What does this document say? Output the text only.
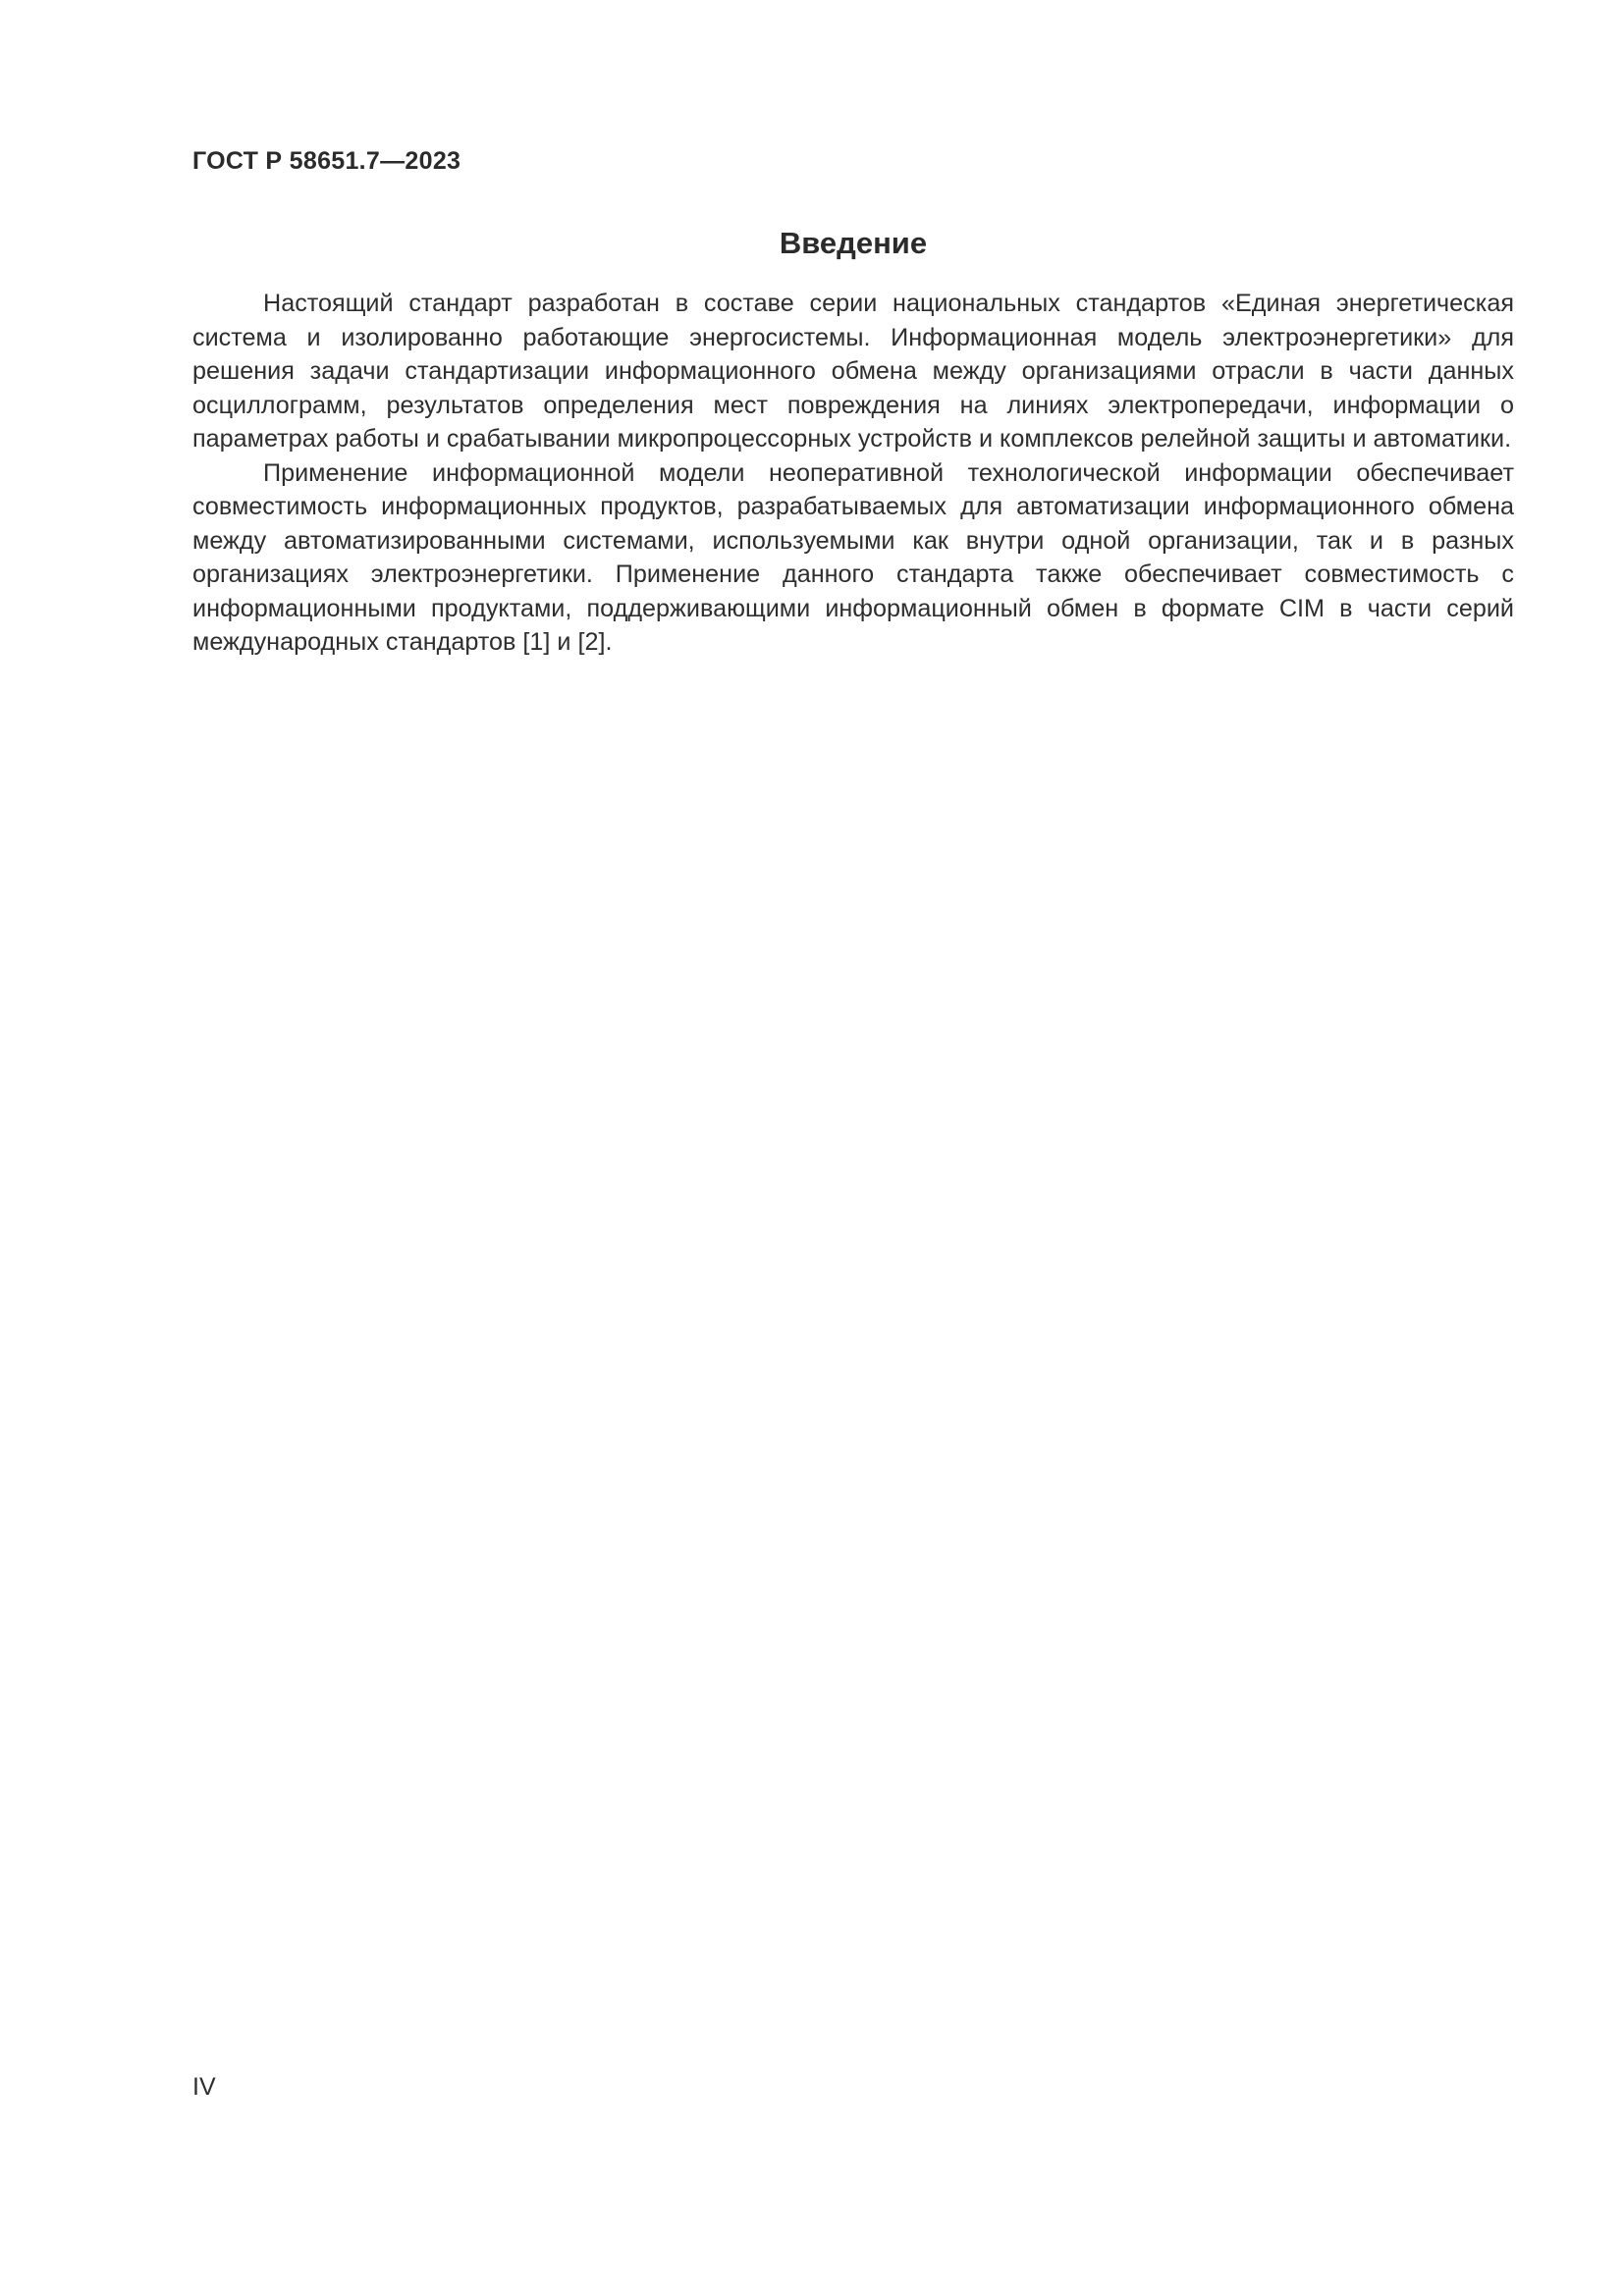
ГОСТ Р 58651.7—2023
Введение

Настоящий стандарт разработан в составе серии национальных стандартов «Единая энергетическая система и изолированно работающие энергосистемы. Информационная модель электроэнергетики» для решения задачи стандартизации информационного обмена между организациями отрасли в части данных осциллограмм, результатов определения мест повреждения на линиях электропередачи, информации о параметрах работы и срабатывании микропроцессорных устройств и комплексов релейной защиты и автоматики.

Применение информационной модели неоперативной технологической информации обеспечивает совместимость информационных продуктов, разрабатываемых для автоматизации информационного обмена между автоматизированными системами, используемыми как внутри одной организации, так и в разных организациях электроэнергетики. Применение данного стандарта также обеспечивает совместимость с информационными продуктами, поддерживающими информационный обмен в формате CIM в части серий международных стандартов [1] и [2].

IV
